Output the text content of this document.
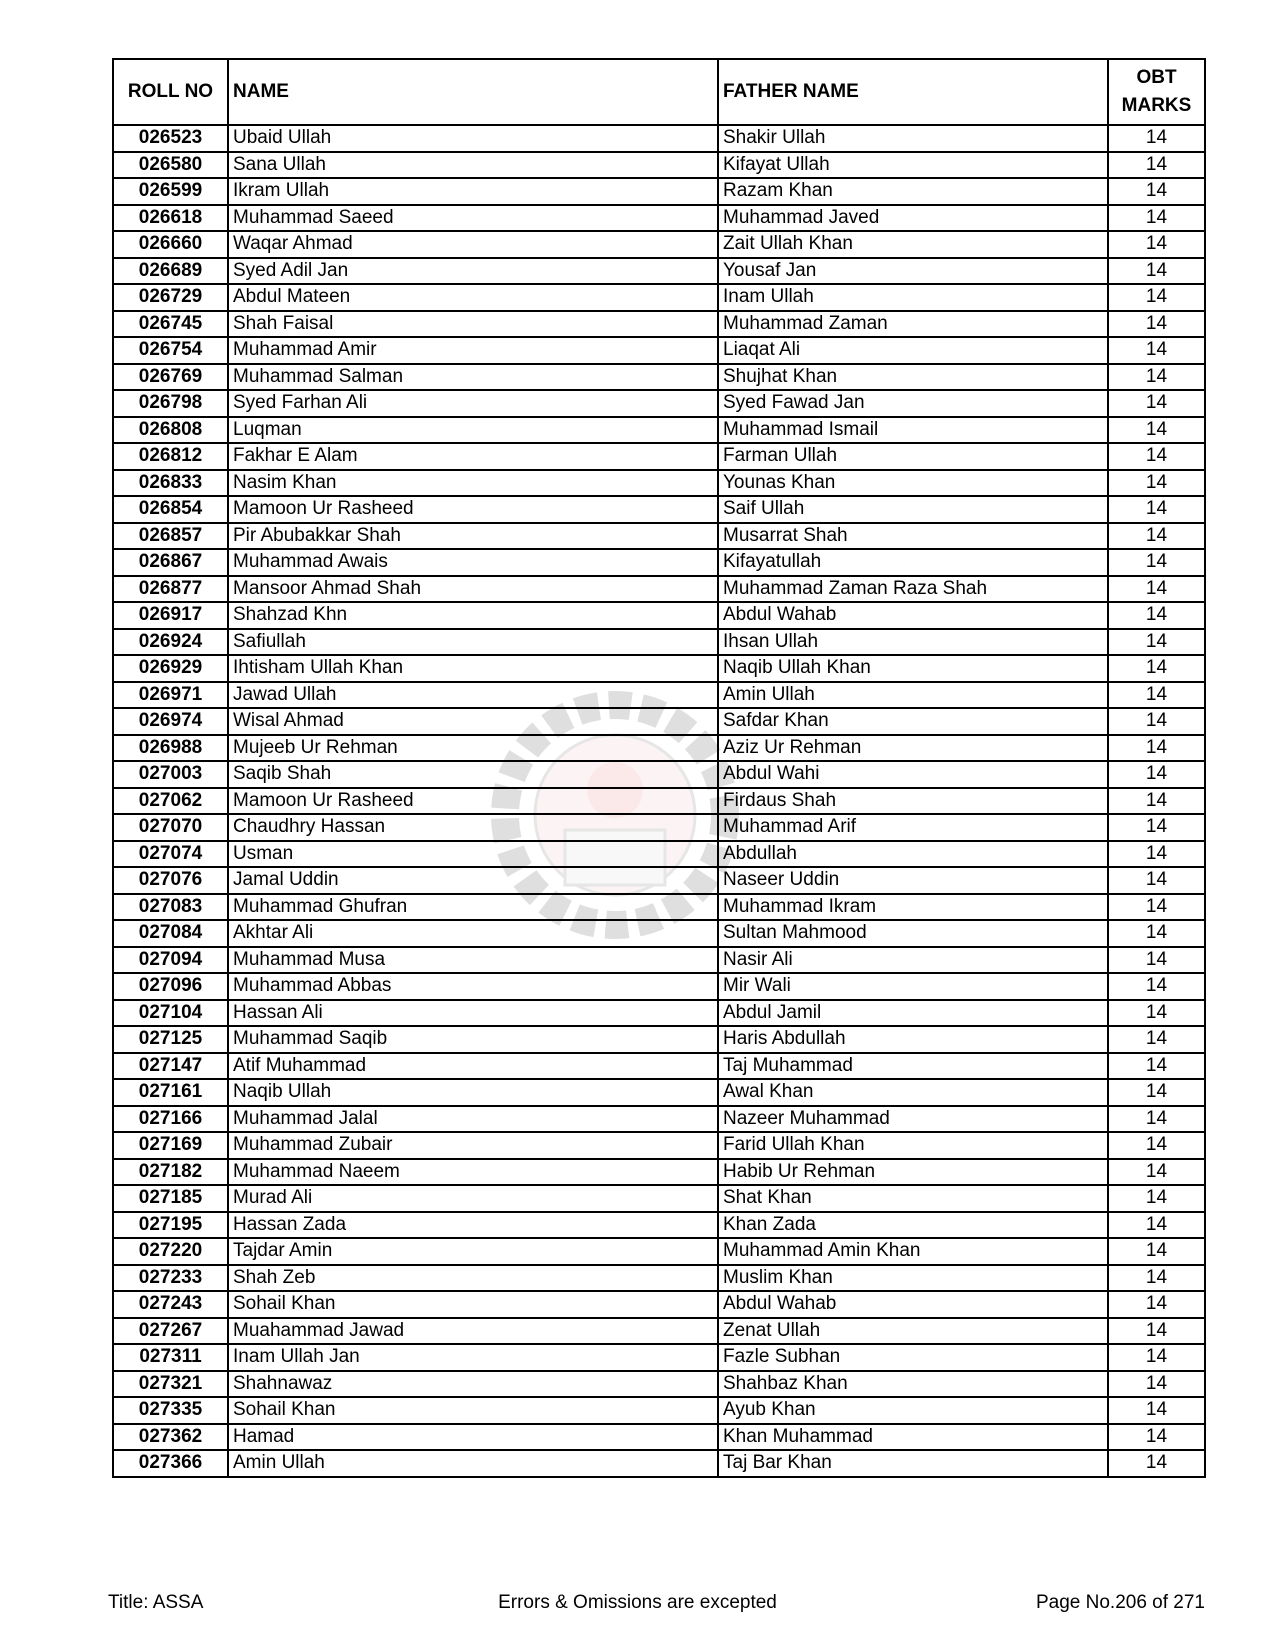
ROLL NO	NAME	FATHER NAME	OBT
MARKS

026523	Ubaid Ullah	Shakir Ullah	14
026580	Sana Ullah	Kifayat Ullah	14
026599	Ikram Ullah	Razam Khan	14
026618	Muhammad Saeed	Muhammad Javed	14
026660	Waqar Ahmad	Zait Ullah Khan	14
026689	Syed Adil Jan	Yousaf Jan	14
026729	Abdul Mateen	Inam Ullah	14
026745	Shah Faisal	Muhammad Zaman	14
026754	Muhammad Amir	Liaqat Ali	14
026769	Muhammad Salman	Shujhat Khan	14
026798	Syed Farhan Ali	Syed Fawad Jan	14
026808	Luqman	Muhammad Ismail	14
026812	Fakhar E Alam	Farman Ullah	14
026833	Nasim Khan	Younas Khan	14
026854	Mamoon Ur Rasheed	Saif Ullah	14
026857	Pir Abubakkar Shah	Musarrat Shah	14
026867	Muhammad Awais	Kifayatullah	14
026877	Mansoor Ahmad Shah	Muhammad Zaman Raza Shah	14
026917	Shahzad Khn	Abdul Wahab	14
026924	Safiullah	Ihsan Ullah	14
026929	Ihtisham Ullah Khan	Naqib Ullah Khan	14
026971	Jawad Ullah	Amin Ullah	14
026974	Wisal Ahmad	Safdar Khan	14
026988	Mujeeb Ur Rehman	Aziz Ur Rehman	14
027003	Saqib Shah	Abdul Wahi	14
027062	Mamoon Ur Rasheed	Firdaus Shah	14
027070	Chaudhry Hassan	Muhammad Arif	14
027074	Usman	Abdullah	14
027076	Jamal Uddin	Naseer Uddin	14
027083	Muhammad Ghufran	Muhammad Ikram	14
027084	Akhtar Ali	Sultan Mahmood	14
027094	Muhammad Musa	Nasir Ali	14
027096	Muhammad Abbas	Mir Wali	14
027104	Hassan Ali	Abdul Jamil	14
027125	Muhammad Saqib	Haris Abdullah	14
027147	Atif Muhammad	Taj Muhammad	14
027161	Naqib Ullah	Awal Khan	14
027166	Muhammad Jalal	Nazeer Muhammad	14
027169	Muhammad Zubair	Farid Ullah Khan	14
027182	Muhammad Naeem	Habib Ur Rehman	14
027185	Murad Ali	Shat Khan	14
027195	Hassan Zada	Khan Zada	14
027220	Tajdar Amin	Muhammad Amin Khan	14
027233	Shah Zeb	Muslim Khan	14
027243	Sohail Khan	Abdul Wahab	14
027267	Muahammad Jawad	Zenat Ullah	14
027311	Inam Ullah Jan	Fazle Subhan	14
027321	Shahnawaz	Shahbaz Khan	14
027335	Sohail Khan	Ayub Khan	14
027362	Hamad	Khan Muhammad	14
027366	Amin Ullah	Taj Bar Khan	14
Title: ASSA	Errors & Omissions are excepted	Page No.206 of 271
